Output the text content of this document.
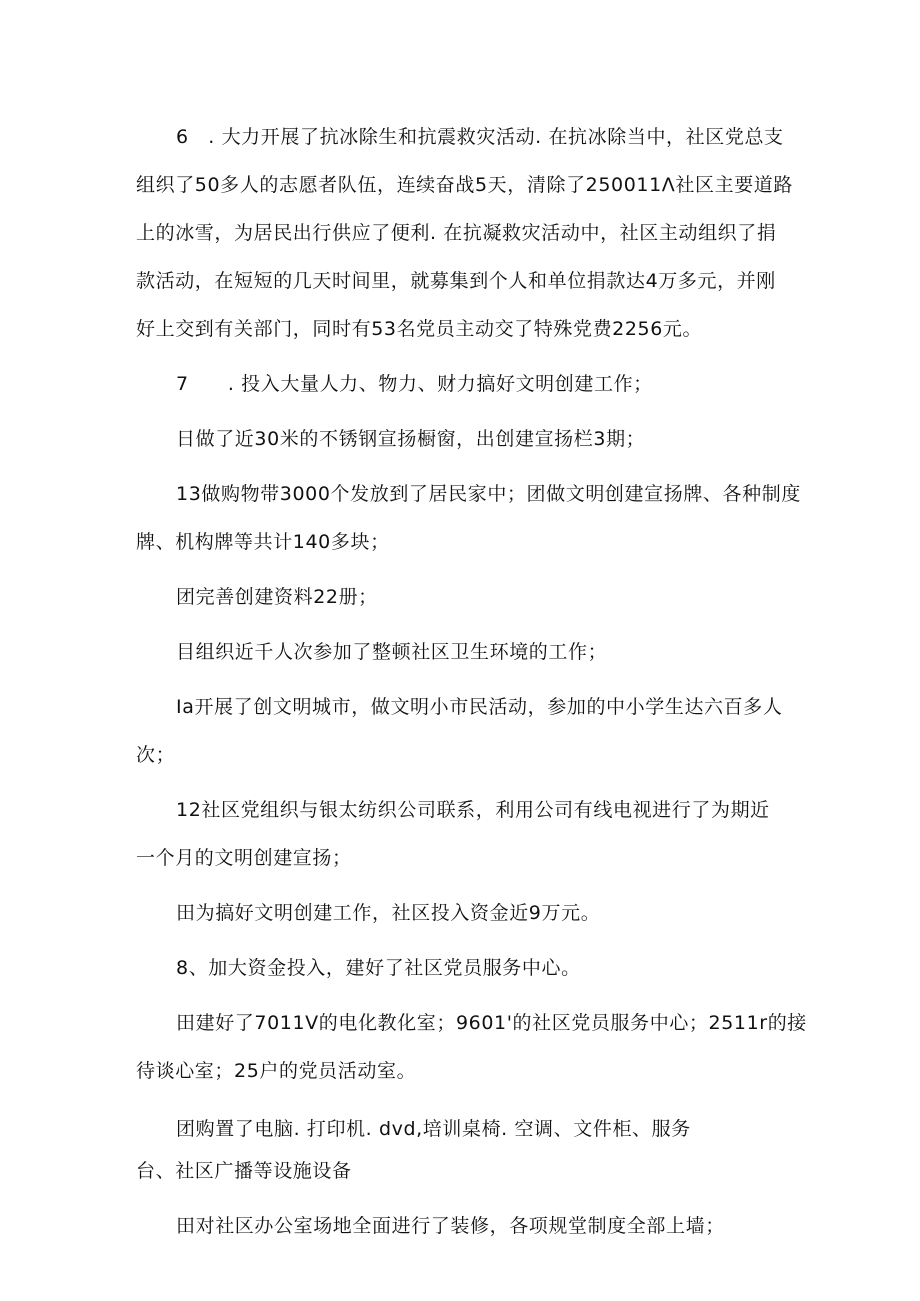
6　. 大力开展了抗冰除生和抗震救灾活动. 在抗冰除当中，社区党总支

组织了50多人的志愿者队伍，连续奋战5天，清除了250011Λ社区主要道路

上的冰雪，为居民出行供应了便利. 在抗凝救灾活动中，社区主动组织了捐

款活动，在短短的几天时间里，就募集到个人和单位捐款达4万多元，并刚

好上交到有关部门，同时有53名党员主动交了特殊党费2256元。

7　　. 投入大量人力、物力、财力搞好文明创建工作；

日做了近30米的不锈钢宣扬橱窗，出创建宣扬栏3期；

13做购物带3000个发放到了居民家中；团做文明创建宣扬牌、各种制度

牌、机构牌等共计140多块；

团完善创建资料22册；

目组织近千人次参加了整顿社区卫生环境的工作；

Ia开展了创文明城市，做文明小市民活动，参加的中小学生达六百多人

次；

12社区党组织与银太纺织公司联系，利用公司有线电视进行了为期近

一个月的文明创建宣扬；

田为搞好文明创建工作，社区投入资金近9万元。

8、加大资金投入，建好了社区党员服务中心。

田建好了7011V的电化教化室；9601'的社区党员服务中心；2511r的接

待谈心室；25户的党员活动室。

团购置了电脑. 打印机. dvd,培训桌椅. 空调、文件柜、服务

台、社区广播等设施设备

田对社区办公室场地全面进行了装修，各项规堂制度全部上墙；
